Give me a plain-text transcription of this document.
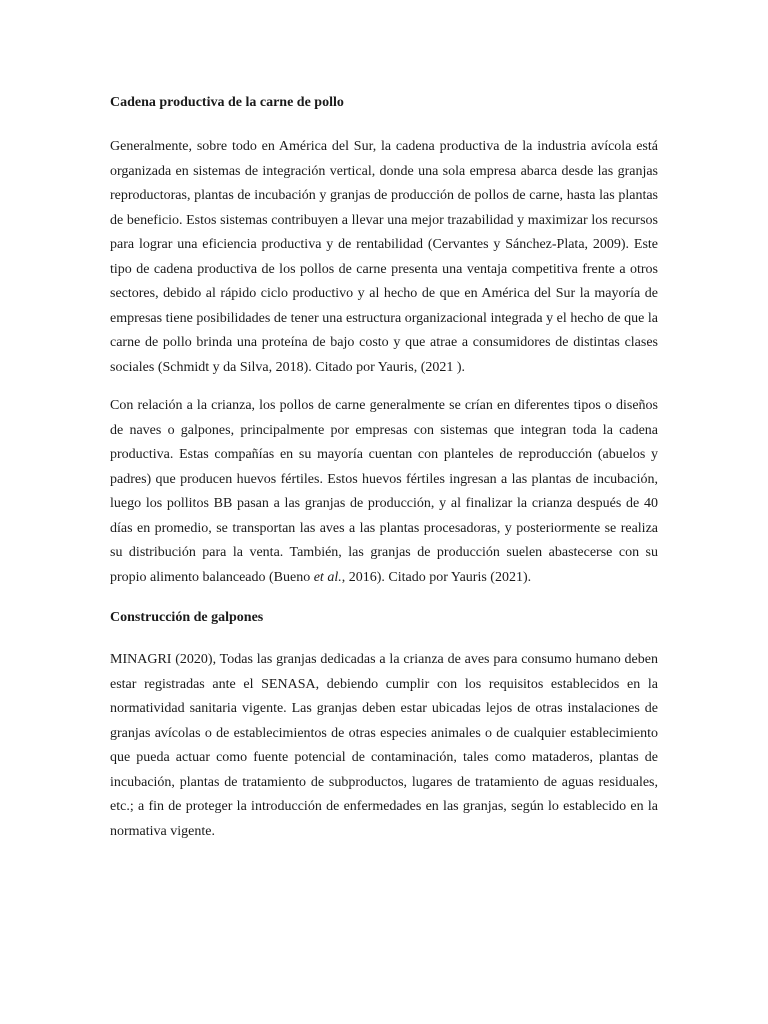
Cadena productiva de la carne de pollo

Generalmente, sobre todo en América del Sur, la cadena productiva de la industria avícola está organizada en sistemas de integración vertical, donde una sola empresa abarca desde las granjas reproductoras, plantas de incubación y granjas de producción de pollos de carne, hasta las plantas de beneficio. Estos sistemas contribuyen a llevar una mejor trazabilidad y maximizar los recursos para lograr una eficiencia productiva y de rentabilidad (Cervantes y Sánchez-Plata, 2009). Este tipo de cadena productiva de los pollos de carne presenta una ventaja competitiva frente a otros sectores, debido al rápido ciclo productivo y al hecho de que en América del Sur la mayoría de empresas tiene posibilidades de tener una estructura organizacional integrada y el hecho de que la carne de pollo brinda una proteína de bajo costo y que atrae a consumidores de distintas clases sociales (Schmidt y da Silva, 2018). Citado por Yauris, (2021 ).

Con relación a la crianza, los pollos de carne generalmente se crían en diferentes tipos o diseños de naves o galpones, principalmente por empresas con sistemas que integran toda la cadena productiva. Estas compañías en su mayoría cuentan con planteles de reproducción (abuelos y padres) que producen huevos fértiles. Estos huevos fértiles ingresan a las plantas de incubación, luego los pollitos BB pasan a las granjas de producción, y al finalizar la crianza después de 40 días en promedio, se transportan las aves a las plantas procesadoras, y posteriormente se realiza su distribución para la venta. También, las granjas de producción suelen abastecerse con su propio alimento balanceado (Bueno et al., 2016). Citado por Yauris (2021).

Construcción de galpones

MINAGRI (2020), Todas las granjas dedicadas a la crianza de aves para consumo humano deben estar registradas ante el SENASA, debiendo cumplir con los requisitos establecidos en la normatividad sanitaria vigente. Las granjas deben estar ubicadas lejos de otras instalaciones de granjas avícolas o de establecimientos de otras especies animales o de cualquier establecimiento que pueda actuar como fuente potencial de contaminación, tales como mataderos, plantas de incubación, plantas de tratamiento de subproductos, lugares de tratamiento de aguas residuales, etc.; a fin de proteger la introducción de enfermedades en las granjas, según lo establecido en la normativa vigente.
